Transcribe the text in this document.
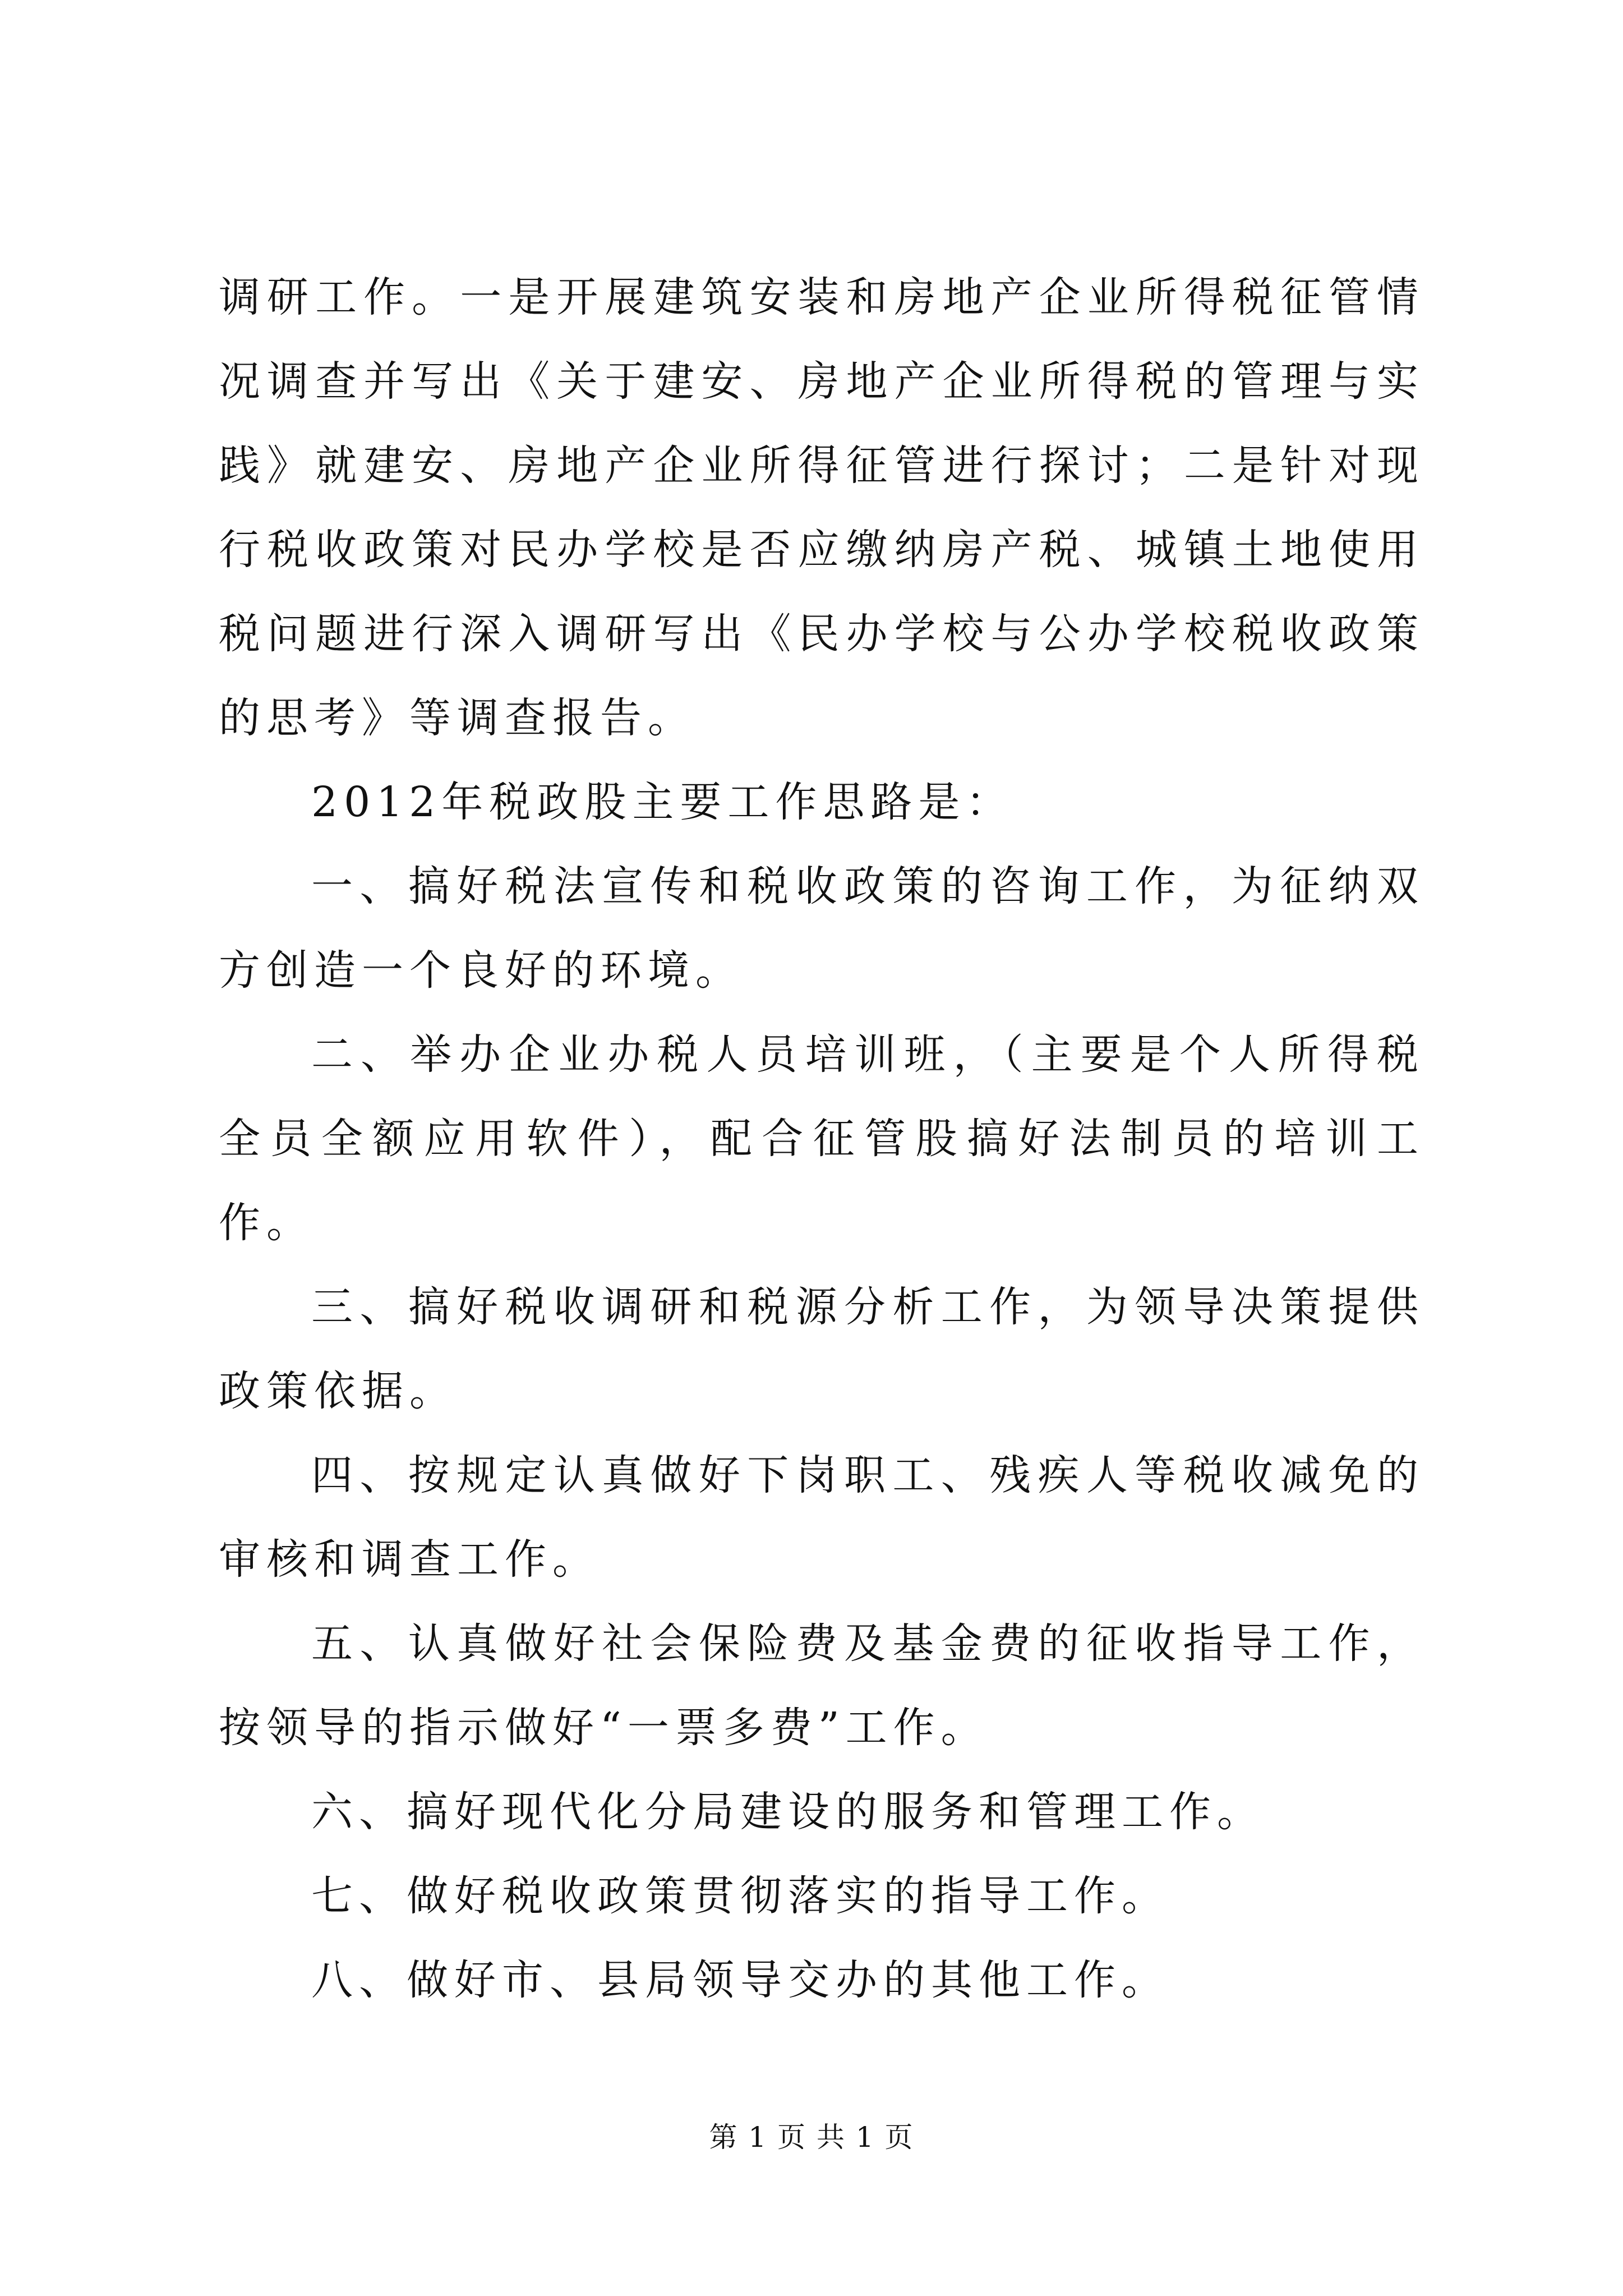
调研工作。一是开展建筑安装和房地产企业所得税征管情况调查并写出《关于建安、房地产企业所得税的管理与实践》就建安、房地产企业所得征管进行探讨；二是针对现行税收政策对民办学校是否应缴纳房产税、城镇土地使用税问题进行深入调研写出《民办学校与公办学校税收政策的思考》等调查报告。

2012年税政股主要工作思路是：

一、搞好税法宣传和税收政策的咨询工作，为征纳双方创造一个良好的环境。

二、举办企业办税人员培训班，（主要是个人所得税全员全额应用软件），配合征管股搞好法制员的培训工作。

三、搞好税收调研和税源分析工作，为领导决策提供政策依据。

四、按规定认真做好下岗职工、残疾人等税收减免的审核和调查工作。

五、认真做好社会保险费及基金费的征收指导工作，按领导的指示做好“一票多费”工作。

六、搞好现代化分局建设的服务和管理工作。

七、做好税收政策贯彻落实的指导工作。

八、做好市、县局领导交办的其他工作。

第 1 页 共 1 页
